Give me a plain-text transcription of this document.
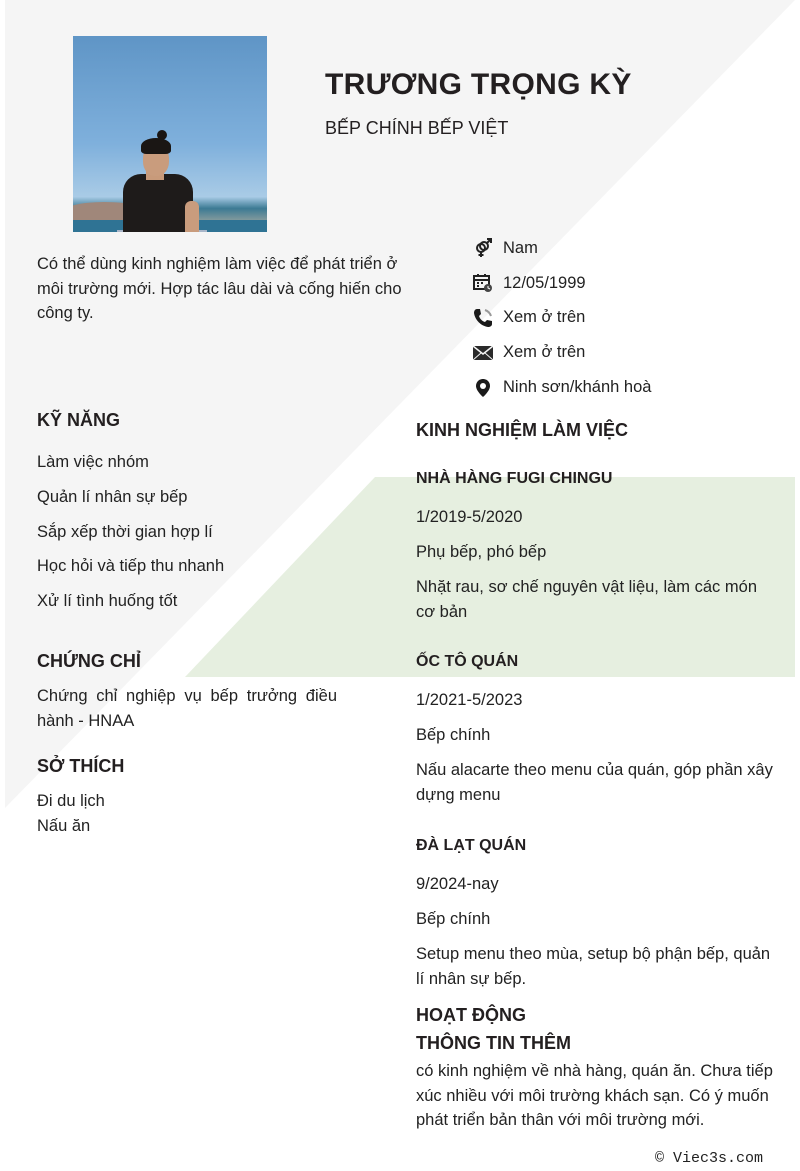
TRƯƠNG TRỌNG KỲ
BẾP CHÍNH BẾP VIỆT
Có thể dùng kinh nghiệm làm việc để phát triển ở môi trường mới. Hợp tác lâu dài và cống hiến cho công ty.
Nam
12/05/1999
Xem ở trên
Xem ở trên
Ninh sơn/khánh hoà
KỸ NĂNG
Làm việc nhóm
Quản lí nhân sự bếp
Sắp xếp thời gian hợp lí
Học hỏi và tiếp thu nhanh
Xử lí tình huống tốt
CHỨNG CHỈ
Chứng chỉ nghiệp vụ bếp trưởng điều hành - HNAA
SỞ THÍCH
Đi du lịch
Nấu ăn
KINH NGHIỆM LÀM VIỆC
NHÀ HÀNG FUGI CHINGU
1/2019-5/2020
Phụ bếp, phó bếp
Nhặt rau, sơ chế nguyên vật liệu, làm các món cơ bản
ỐC TÔ QUÁN
1/2021-5/2023
Bếp chính
Nấu alacarte theo menu của quán, góp phần xây dựng menu
ĐÀ LẠT QUÁN
9/2024-nay
Bếp chính
Setup menu theo mùa, setup bộ phận bếp, quản lí nhân sự bếp.
HOẠT ĐỘNG
THÔNG TIN THÊM
có kinh nghiệm về nhà hàng, quán ăn. Chưa tiếp xúc nhiều với môi trường khách sạn. Có ý muốn phát triển bản thân với môi trường mới.
© Viec3s.com
